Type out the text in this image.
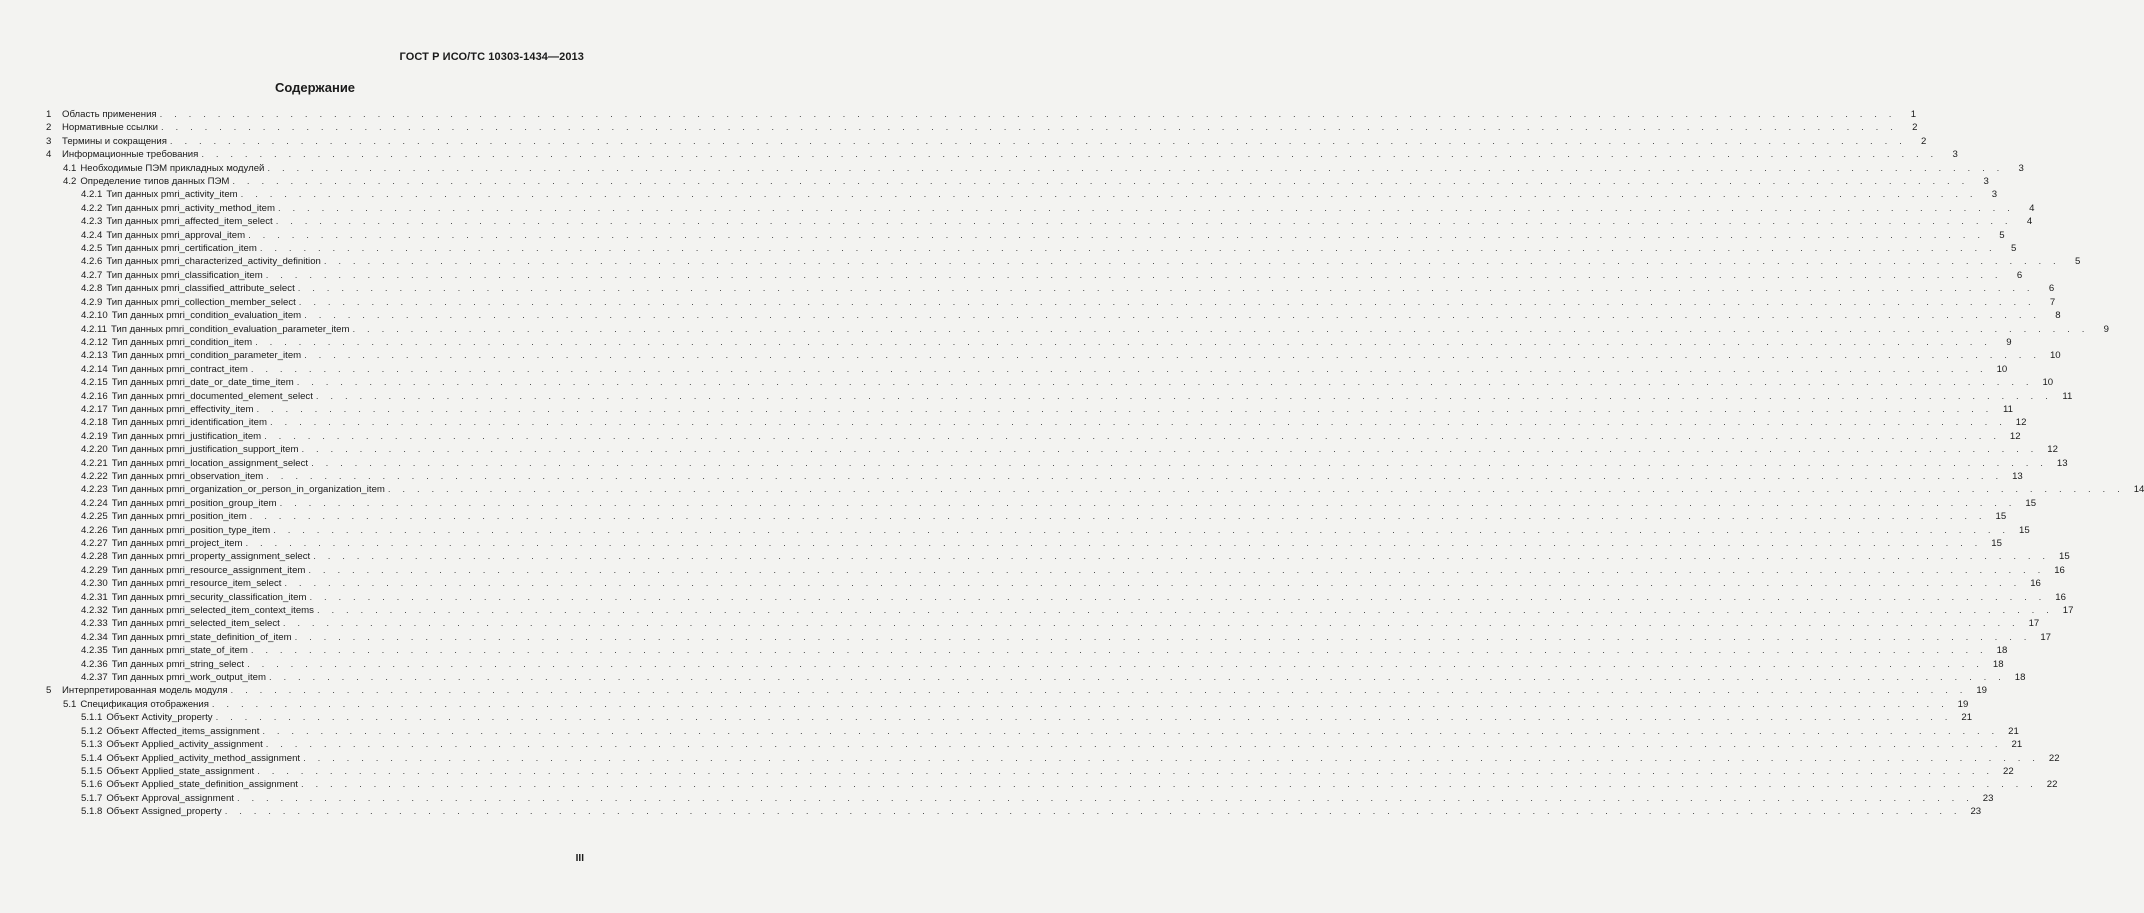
ГОСТ Р ИСО/ТС 10303-1434—2013
Содержание
1	Область применения . . . . . . . . . . . . . . . . . . . . . . . . . . . . . . . . . . . . . . . . . . . . . . . . . . . . . . . . . . . . . . . . . . . . . . . . . . . . . . . . . . . . . . . . . . . . . . . . . . . . . . . . . . . . . . . . . . . . . . . .	1
2	Нормативные ссылки . . . . . . . . . . . . . . . . . . . . . . . . . . . . . . . . . . . . . . . . . . . . . . . . . . . . . . . . . . . . . . . . . . . . . . . . . . . . . . . . . . . . . . . . . . . . . . . . . . . . . . . . . . . . . . . . . . . . . . . .	2
3	Термины и сокращения . . . . . . . . . . . . . . . . . . . . . . . . . . . . . . . . . . . . . . . . . . . . . . . . . . . . . . . . . . . . . . . . . . . . . . . . . . . . . . . . . . . . . . . . . . . . . . . . . . . . . . . . . . . . . . . . . . . . . . . .	2
4	Информационные требования . . . . . . . . . . . . . . . . . . . . . . . . . . . . . . . . . . . . . . . . . . . . . . . . . . . . . . . . . . . . . . . . . . . . . . . . . . . . . . . . . . . . . . . . . . . . . . . . . . . . . . . . . . . . . . . . . . . . . . . .	3
4.1 Необходимые ПЭМ прикладных модулей . . . . . . . . . . . . . . . . . . . . . . . . . . . . . . . . . . . . . . . . . . . . . . . . . . . . . . . . . . . . . . . . . . . . . . . . . . . . . . . . . . . . . . . . . . . . . . . . . . . . . . . . . . . . . . . . . . . . . . . .	3
4.2 Определение типов данных ПЭМ . . . . . . . . . . . . . . . . . . . . . . . . . . . . . . . . . . . . . . . . . . . . . . . . . . . . . . . . . . . . . . . . . . . . . . . . . . . . . . . . . . . . . . . . . . . . . . . . . . . . . . . . . . . . . . . . . . . . . . . .	3
4.2.1 Тип данных pmri_activity_item . . . . . . . . . . . . . . . . . . . . . . . . . . . . . . . . . . . . . . . . . . . . . . . . . . . . . . . . . . . . . . . . . . . . . . . . . . . . . . . . . . . . . . . . . . . . . . . . . . . . . . . . . . . . . . . . . . . . . . . .	3
4.2.2 Тип данных pmri_activity_method_item . . . . . . . . . . . . . . . . . . . . . . . . . . . . . . . . . . . . . . . . . . . . . . . . . . . . . . . . . . . . . . . . . . . . . . . . . . . . . . . . . . . . . . . . . . . . . . . . . . . . . . . . . . . . . . . . . . . . . . . .	4
4.2.3 Тип данных pmri_affected_item_select . . . . . . . . . . . . . . . . . . . . . . . . . . . . . . . . . . . . . . . . . . . . . . . . . . . . . . . . . . . . . . . . . . . . . . . . . . . . . . . . . . . . . . . . . . . . . . . . . . . . . . . . . . . . . . . . . . . . . . . .	4
4.2.4 Тип данных pmri_approval_item . . . . . . . . . . . . . . . . . . . . . . . . . . . . . . . . . . . . . . . . . . . . . . . . . . . . . . . . . . . . . . . . . . . . . . . . . . . . . . . . . . . . . . . . . . . . . . . . . . . . . . . . . . . . . . . . . . . . . . . .	5
4.2.5 Тип данных pmri_certification_item . . . . . . . . . . . . . . . . . . . . . . . . . . . . . . . . . . . . . . . . . . . . . . . . . . . . . . . . . . . . . . . . . . . . . . . . . . . . . . . . . . . . . . . . . . . . . . . . . . . . . . . . . . . . . . . . . . . . . . . .	5
4.2.6 Тип данных pmri_characterized_activity_definition . . . . . . . . . . . . . . . . . . . . . . . . . . . . . . . . . . . . . . . . . . . . . . . . . . . . . . . . . . . . . . . . . . . . . . . . . . . . . . . . . . . . . . . . . . . . . . . . . . . . . . . . . . . . . . . . . . . . . . . .	5
4.2.7 Тип данных pmri_classification_item . . . . . . . . . . . . . . . . . . . . . . . . . . . . . . . . . . . . . . . . . . . . . . . . . . . . . . . . . . . . . . . . . . . . . . . . . . . . . . . . . . . . . . . . . . . . . . . . . . . . . . . . . . . . . . . . . . . . . . . .	6
4.2.8 Тип данных pmri_classified_attribute_select . . . . . . . . . . . . . . . . . . . . . . . . . . . . . . . . . . . . . . . . . . . . . . . . . . . . . . . . . . . . . . . . . . . . . . . . . . . . . . . . . . . . . . . . . . . . . . . . . . . . . . . . . . . . . . . . . . . . . . . .	6
4.2.9 Тип данных pmri_collection_member_select . . . . . . . . . . . . . . . . . . . . . . . . . . . . . . . . . . . . . . . . . . . . . . . . . . . . . . . . . . . . . . . . . . . . . . . . . . . . . . . . . . . . . . . . . . . . . . . . . . . . . . . . . . . . . . . . . . . . . . . .	7
4.2.10 Тип данных pmri_condition_evaluation_item . . . . . . . . . . . . . . . . . . . . . . . . . . . . . . . . . . . . . . . . . . . . . . . . . . . . . . . . . . . . . . . . . . . . . . . . . . . . . . . . . . . . . . . . . . . . . . . . . . . . . . . . . . . . . . . . . . . . . . . .	8
4.2.11 Тип данных pmri_condition_evaluation_parameter_item . . . . . . . . . . . . . . . . . . . . . . . . . . . . . . . . . . . . . . . . . . . . . . . . . . . . . . . . . . . . . . . . . . . . . . . . . . . . . . . . . . . . . . . . . . . . . . . . . . . . . . . . . . . . . . . . . . . . . . . .	9
4.2.12 Тип данных pmri_condition_item . . . . . . . . . . . . . . . . . . . . . . . . . . . . . . . . . . . . . . . . . . . . . . . . . . . . . . . . . . . . . . . . . . . . . . . . . . . . . . . . . . . . . . . . . . . . . . . . . . . . . . . . . . . . . . . . . . . . . . . .	9
4.2.13 Тип данных pmri_condition_parameter_item . . . . . . . . . . . . . . . . . . . . . . . . . . . . . . . . . . . . . . . . . . . . . . . . . . . . . . . . . . . . . . . . . . . . . . . . . . . . . . . . . . . . . . . . . . . . . . . . . . . . . . . . . . . . . . . . . . . . . . . . 10
4.2.14 Тип данных pmri_contract_item . . . . . . . . . . . . . . . . . . . . . . . . . . . . . . . . . . . . . . . . . . . . . . . . . . . . . . . . . . . . . . . . . . . . . . . . . . . . . . . . . . . . . . . . . . . . . . . . . . . . . . . . . . . . . . . . . . . . . . . . 10
4.2.15 Тип данных pmri_date_or_date_time_item . . . . . . . . . . . . . . . . . . . . . . . . . . . . . . . . . . . . . . . . . . . . . . . . . . . . . . . . . . . . . . . . . . . . . . . . . . . . . . . . . . . . . . . . . . . . . . . . . . . . . . . . . . . . . . . . . . . . . . . . 10
4.2.16 Тип данных pmri_documented_element_select . . . . . . . . . . . . . . . . . . . . . . . . . . . . . . . . . . . . . . . . . . . . . . . . . . . . . . . . . . . . . . . . . . . . . . . . . . . . . . . . . . . . . . . . . . . . . . . . . . . . . . . . . . . . . . . . . . . . . . . .	11
4.2.17 Тип данных pmri_effectivity_item . . . . . . . . . . . . . . . . . . . . . . . . . . . . . . . . . . . . . . . . . . . . . . . . . . . . . . . . . . . . . . . . . . . . . . . . . . . . . . . . . . . . . . . . . . . . . . . . . . . . . . . . . . . . . . . . . . . . . . . .	11
4.2.18 Тип данных pmri_identification_item . . . . . . . . . . . . . . . . . . . . . . . . . . . . . . . . . . . . . . . . . . . . . . . . . . . . . . . . . . . . . . . . . . . . . . . . . . . . . . . . . . . . . . . . . . . . . . . . . . . . . . . . . . . . . . . . . . . . . . . . 12
4.2.19 Тип данных pmri_justification_item . . . . . . . . . . . . . . . . . . . . . . . . . . . . . . . . . . . . . . . . . . . . . . . . . . . . . . . . . . . . . . . . . . . . . . . . . . . . . . . . . . . . . . . . . . . . . . . . . . . . . . . . . . . . . . . . . . . . . . . . 12
4.2.20 Тип данных pmri_justification_support_item . . . . . . . . . . . . . . . . . . . . . . . . . . . . . . . . . . . . . . . . . . . . . . . . . . . . . . . . . . . . . . . . . . . . . . . . . . . . . . . . . . . . . . . . . . . . . . . . . . . . . . . . . . . . . . . . . . . . . . . . 12
4.2.21 Тип данных pmri_location_assignment_select . . . . . . . . . . . . . . . . . . . . . . . . . . . . . . . . . . . . . . . . . . . . . . . . . . . . . . . . . . . . . . . . . . . . . . . . . . . . . . . . . . . . . . . . . . . . . . . . . . . . . . . . . . . . . . . . . . . . . . . . 13
4.2.22 Тип данных pmri_observation_item . . . . . . . . . . . . . . . . . . . . . . . . . . . . . . . . . . . . . . . . . . . . . . . . . . . . . . . . . . . . . . . . . . . . . . . . . . . . . . . . . . . . . . . . . . . . . . . . . . . . . . . . . . . . . . . . . . . . . . . . 13
4.2.23 Тип данных pmri_organization_or_person_in_organization_item . . . . . . . . . . . . . . . . . . . . . . . . . . . . . . . . . . . . . . . . . . . . . . . . . . . . . . . . . . . . . . . . . . . . . . . . . . . . . . . . . . . . . . . . . . . . . . . . . . . . . . . . . . . . . . . . . . . . . . . . 14
4.2.24 Тип данных pmri_position_group_item . . . . . . . . . . . . . . . . . . . . . . . . . . . . . . . . . . . . . . . . . . . . . . . . . . . . . . . . . . . . . . . . . . . . . . . . . . . . . . . . . . . . . . . . . . . . . . . . . . . . . . . . . . . . . . . . . . . . . . . . 15
4.2.25 Тип данных pmri_position_item . . . . . . . . . . . . . . . . . . . . . . . . . . . . . . . . . . . . . . . . . . . . . . . . . . . . . . . . . . . . . . . . . . . . . . . . . . . . . . . . . . . . . . . . . . . . . . . . . . . . . . . . . . . . . . . . . . . . . . . . 15
4.2.26 Тип данных pmri_position_type_item . . . . . . . . . . . . . . . . . . . . . . . . . . . . . . . . . . . . . . . . . . . . . . . . . . . . . . . . . . . . . . . . . . . . . . . . . . . . . . . . . . . . . . . . . . . . . . . . . . . . . . . . . . . . . . . . . . . . . . . . 15
4.2.27 Тип данных pmri_project_item . . . . . . . . . . . . . . . . . . . . . . . . . . . . . . . . . . . . . . . . . . . . . . . . . . . . . . . . . . . . . . . . . . . . . . . . . . . . . . . . . . . . . . . . . . . . . . . . . . . . . . . . . . . . . . . . . . . . . . . . 15
4.2.28 Тип данных pmri_property_assignment_select . . . . . . . . . . . . . . . . . . . . . . . . . . . . . . . . . . . . . . . . . . . . . . . . . . . . . . . . . . . . . . . . . . . . . . . . . . . . . . . . . . . . . . . . . . . . . . . . . . . . . . . . . . . . . . . . . . . . . . . . 15
4.2.29 Тип данных pmri_resource_assignment_item . . . . . . . . . . . . . . . . . . . . . . . . . . . . . . . . . . . . . . . . . . . . . . . . . . . . . . . . . . . . . . . . . . . . . . . . . . . . . . . . . . . . . . . . . . . . . . . . . . . . . . . . . . . . . . . . . . . . . . . . 16
4.2.30 Тип данных pmri_resource_item_select . . . . . . . . . . . . . . . . . . . . . . . . . . . . . . . . . . . . . . . . . . . . . . . . . . . . . . . . . . . . . . . . . . . . . . . . . . . . . . . . . . . . . . . . . . . . . . . . . . . . . . . . . . . . . . . . . . . . . . . . 16
4.2.31 Тип данных pmri_security_classification_item . . . . . . . . . . . . . . . . . . . . . . . . . . . . . . . . . . . . . . . . . . . . . . . . . . . . . . . . . . . . . . . . . . . . . . . . . . . . . . . . . . . . . . . . . . . . . . . . . . . . . . . . . . . . . . . . . . . . . . . . 16
4.2.32 Тип данных pmri_selected_item_context_items . . . . . . . . . . . . . . . . . . . . . . . . . . . . . . . . . . . . . . . . . . . . . . . . . . . . . . . . . . . . . . . . . . . . . . . . . . . . . . . . . . . . . . . . . . . . . . . . . . . . . . . . . . . . . . . . . . . . . . . . 17
4.2.33 Тип данных pmri_selected_item_select . . . . . . . . . . . . . . . . . . . . . . . . . . . . . . . . . . . . . . . . . . . . . . . . . . . . . . . . . . . . . . . . . . . . . . . . . . . . . . . . . . . . . . . . . . . . . . . . . . . . . . . . . . . . . . . . . . . . . . . . 17
4.2.34 Тип данных pmri_state_definition_of_item . . . . . . . . . . . . . . . . . . . . . . . . . . . . . . . . . . . . . . . . . . . . . . . . . . . . . . . . . . . . . . . . . . . . . . . . . . . . . . . . . . . . . . . . . . . . . . . . . . . . . . . . . . . . . . . . . . . . . . . . 17
4.2.35 Тип данных pmri_state_of_item . . . . . . . . . . . . . . . . . . . . . . . . . . . . . . . . . . . . . . . . . . . . . . . . . . . . . . . . . . . . . . . . . . . . . . . . . . . . . . . . . . . . . . . . . . . . . . . . . . . . . . . . . . . . . . . . . . . . . . . . 18
4.2.36 Тип данных pmri_string_select . . . . . . . . . . . . . . . . . . . . . . . . . . . . . . . . . . . . . . . . . . . . . . . . . . . . . . . . . . . . . . . . . . . . . . . . . . . . . . . . . . . . . . . . . . . . . . . . . . . . . . . . . . . . . . . . . . . . . . . . 18
4.2.37 Тип данных pmri_work_output_item . . . . . . . . . . . . . . . . . . . . . . . . . . . . . . . . . . . . . . . . . . . . . . . . . . . . . . . . . . . . . . . . . . . . . . . . . . . . . . . . . . . . . . . . . . . . . . . . . . . . . . . . . . . . . . . . . . . . . . . . 18
5	Интерпретированная модель модуля . . . . . . . . . . . . . . . . . . . . . . . . . . . . . . . . . . . . . . . . . . . . . . . . . . . . . . . . . . . . . . . . . . . . . . . . . . . . . . . . . . . . . . . . . . . . . . . . . . . . . . . . . . . . . . . . . . . . . . . . 19
5.1 Спецификация отображения . . . . . . . . . . . . . . . . . . . . . . . . . . . . . . . . . . . . . . . . . . . . . . . . . . . . . . . . . . . . . . . . . . . . . . . . . . . . . . . . . . . . . . . . . . . . . . . . . . . . . . . . . . . . . . . . . . . . . . . . 19
5.1.1 Объект Activity_property . . . . . . . . . . . . . . . . . . . . . . . . . . . . . . . . . . . . . . . . . . . . . . . . . . . . . . . . . . . . . . . . . . . . . . . . . . . . . . . . . . . . . . . . . . . . . . . . . . . . . . . . . . . . . . . . . . . . . . . . 21
5.1.2 Объект Affected_items_assignment . . . . . . . . . . . . . . . . . . . . . . . . . . . . . . . . . . . . . . . . . . . . . . . . . . . . . . . . . . . . . . . . . . . . . . . . . . . . . . . . . . . . . . . . . . . . . . . . . . . . . . . . . . . . . . . . . . . . . . . . 21
5.1.3 Объект Applied_activity_assignment . . . . . . . . . . . . . . . . . . . . . . . . . . . . . . . . . . . . . . . . . . . . . . . . . . . . . . . . . . . . . . . . . . . . . . . . . . . . . . . . . . . . . . . . . . . . . . . . . . . . . . . . . . . . . . . . . . . . . . . . 21
5.1.4 Объект Applied_activity_method_assignment . . . . . . . . . . . . . . . . . . . . . . . . . . . . . . . . . . . . . . . . . . . . . . . . . . . . . . . . . . . . . . . . . . . . . . . . . . . . . . . . . . . . . . . . . . . . . . . . . . . . . . . . . . . . . . . . . . . . . . . . 22
5.1.5 Объект Applied_state_assignment . . . . . . . . . . . . . . . . . . . . . . . . . . . . . . . . . . . . . . . . . . . . . . . . . . . . . . . . . . . . . . . . . . . . . . . . . . . . . . . . . . . . . . . . . . . . . . . . . . . . . . . . . . . . . . . . . . . . . . . . 22
5.1.6 Объект Applied_state_definition_assignment . . . . . . . . . . . . . . . . . . . . . . . . . . . . . . . . . . . . . . . . . . . . . . . . . . . . . . . . . . . . . . . . . . . . . . . . . . . . . . . . . . . . . . . . . . . . . . . . . . . . . . . . . . . . . . . . . . . . . . . . 22
5.1.7 Объект Approval_assignment . . . . . . . . . . . . . . . . . . . . . . . . . . . . . . . . . . . . . . . . . . . . . . . . . . . . . . . . . . . . . . . . . . . . . . . . . . . . . . . . . . . . . . . . . . . . . . . . . . . . . . . . . . . . . . . . . . . . . . . . 23
5.1.8 Объект Assigned_property . . . . . . . . . . . . . . . . . . . . . . . . . . . . . . . . . . . . . . . . . . . . . . . . . . . . . . . . . . . . . . . . . . . . . . . . . . . . . . . . . . . . . . . . . . . . . . . . . . . . . . . . . . . . . . . . . . . . . . . . 23
III
